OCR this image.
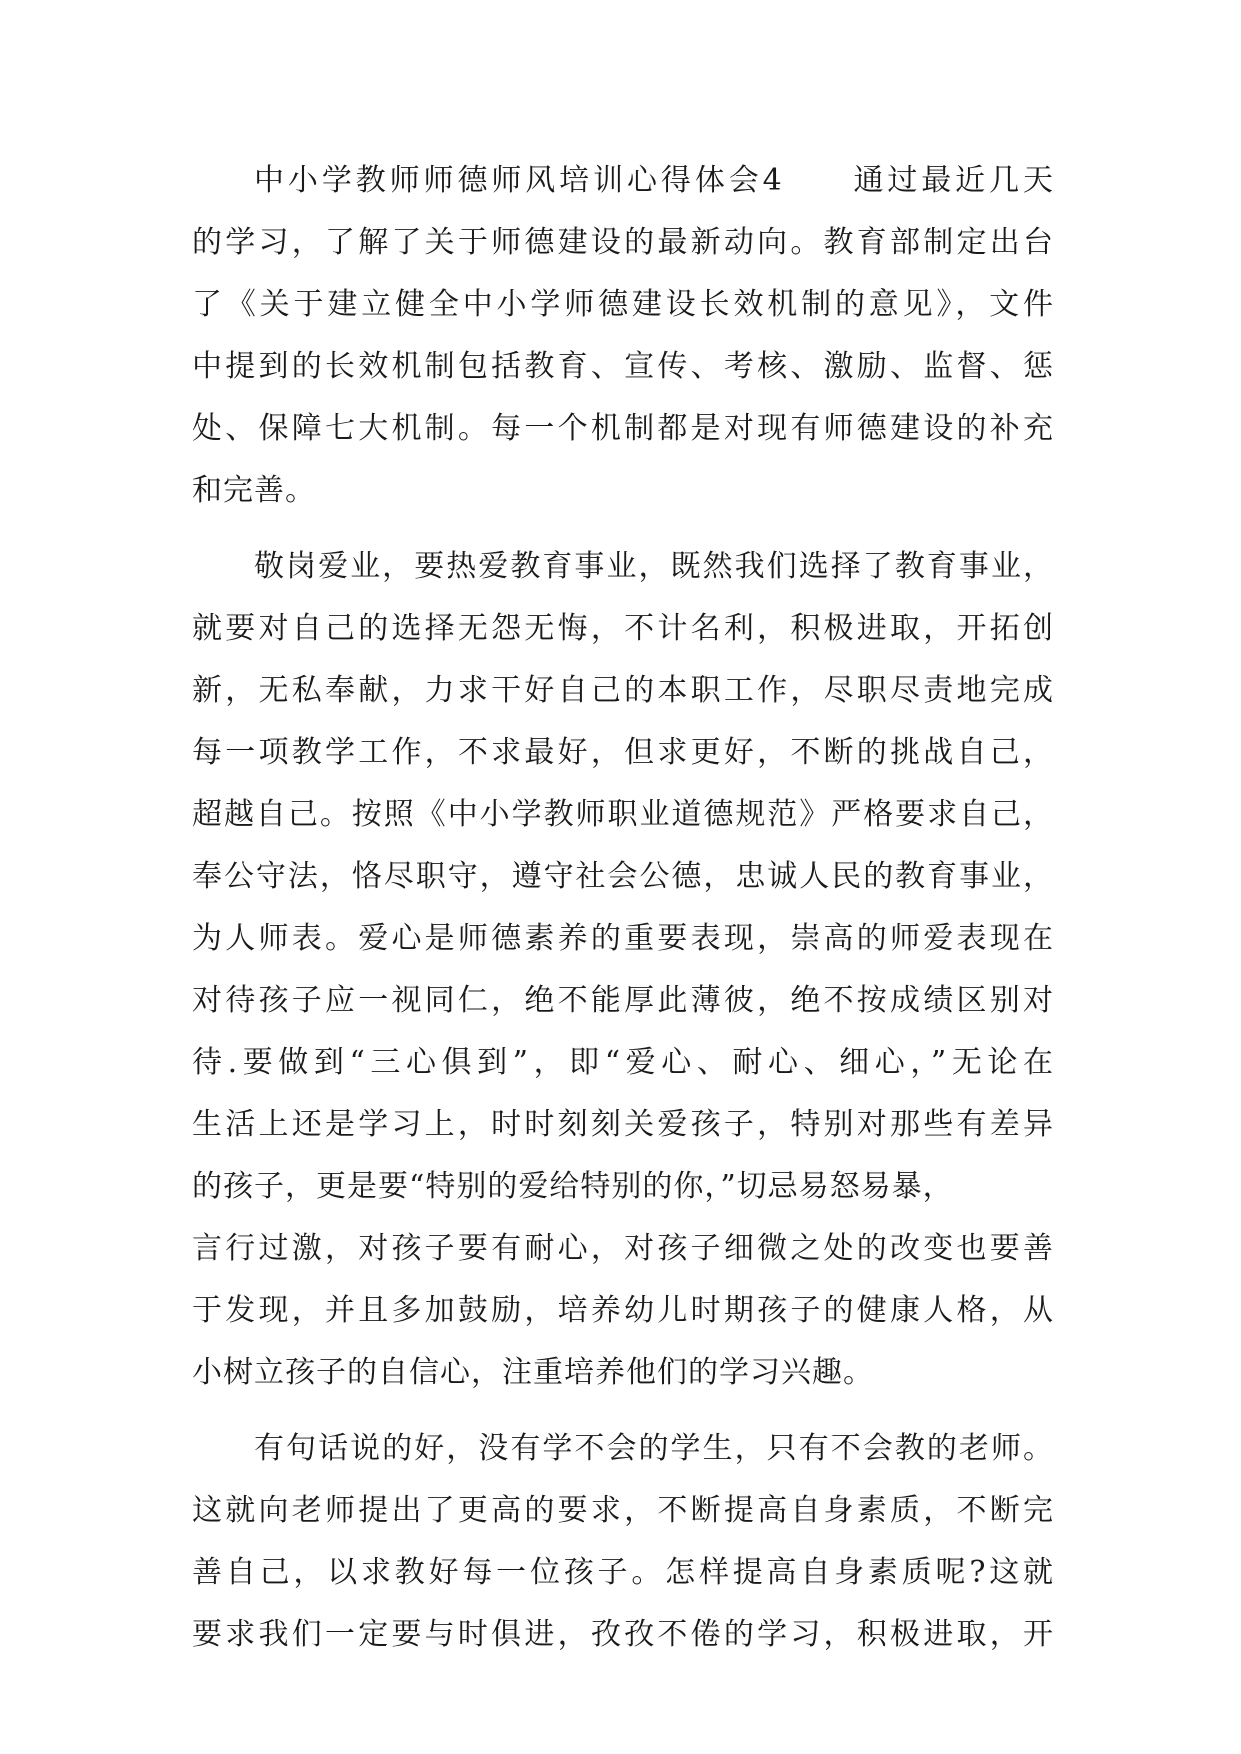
中小学教师师德师风培训心得体会4　　通过最近几天
的学习，了解了关于师德建设的最新动向。教育部制定出台
了《关于建立健全中小学师德建设长效机制的意见》，文件
中提到的长效机制包括教育、宣传、考核、激励、监督、惩
处、保障七大机制。每一个机制都是对现有师德建设的补充
和完善。
敬岗爱业，要热爱教育事业，既然我们选择了教育事业，
就要对自己的选择无怨无悔，不计名利，积极进取，开拓创
新，无私奉献，力求干好自己的本职工作，尽职尽责地完成
每一项教学工作，不求最好，但求更好，不断的挑战自己，
超越自己。按照《中小学教师职业道德规范》严格要求自己，
奉公守法，恪尽职守，遵守社会公德，忠诚人民的教育事业，
为人师表。爱心是师德素养的重要表现，崇高的师爱表现在
对待孩子应一视同仁，绝不能厚此薄彼，绝不按成绩区别对
待.要做到“三心俱到”，即“爱心、耐心、细心，”无论在
生活上还是学习上，时时刻刻关爱孩子，特别对那些有差异
的孩子，更是要“特别的爱给特别的你，”切忌易怒易暴，
言行过激，对孩子要有耐心，对孩子细微之处的改变也要善
于发现，并且多加鼓励，培养幼儿时期孩子的健康人格，从
小树立孩子的自信心，注重培养他们的学习兴趣。
有句话说的好，没有学不会的学生，只有不会教的老师。
这就向老师提出了更高的要求，不断提高自身素质，不断完
善自己，以求教好每一位孩子。怎样提高自身素质呢?这就
要求我们一定要与时俱进，孜孜不倦的学习，积极进取，开
